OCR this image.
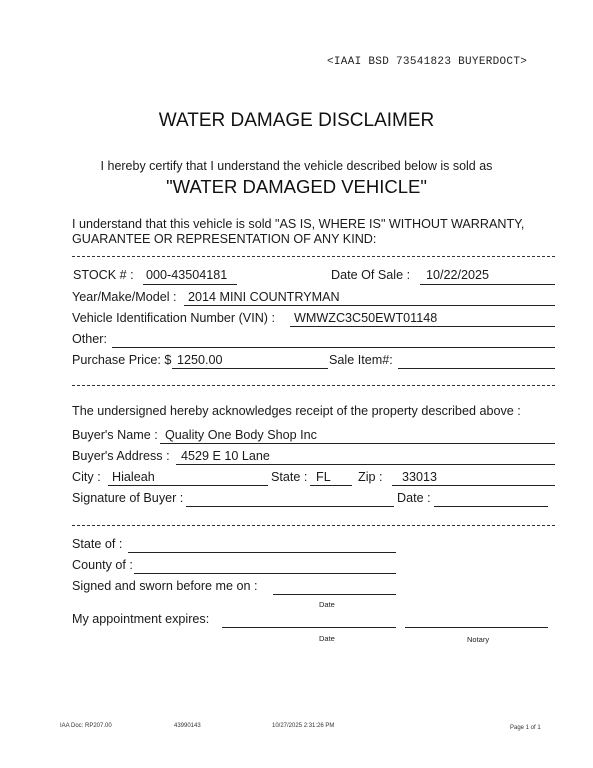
<IAAI BSD 73541823 BUYERDOCT>
WATER DAMAGE DISCLAIMER
I hereby certify that I understand the vehicle described below is sold as
"WATER DAMAGED VEHICLE"
I understand that this vehicle is sold "AS IS, WHERE IS" WITHOUT WARRANTY,
GUARANTEE OR REPRESENTATION OF ANY KIND:
STOCK # : 000-43504181	Date Of Sale : 10/22/2025
Year/Make/Model : 2014 MINI COUNTRYMAN
Vehicle Identification Number (VIN) : WMWZC3C50EWT01148
Other:
Purchase Price: $ 1250.00	Sale Item#:
The undersigned hereby acknowledges receipt of the property described above :
Buyer's Name : Quality One Body Shop Inc
Buyer's Address : 4529 E 10 Lane
City : Hialeah	State : FL Zip : 33013
Signature of Buyer :	Date :
State of :
County of :
Signed and sworn before me on :
Date
My appointment expires:
Date	Notary
IAA Doc: RP207.00	43990143	10/27/2025 2:31:26 PM	Page 1 of 1
